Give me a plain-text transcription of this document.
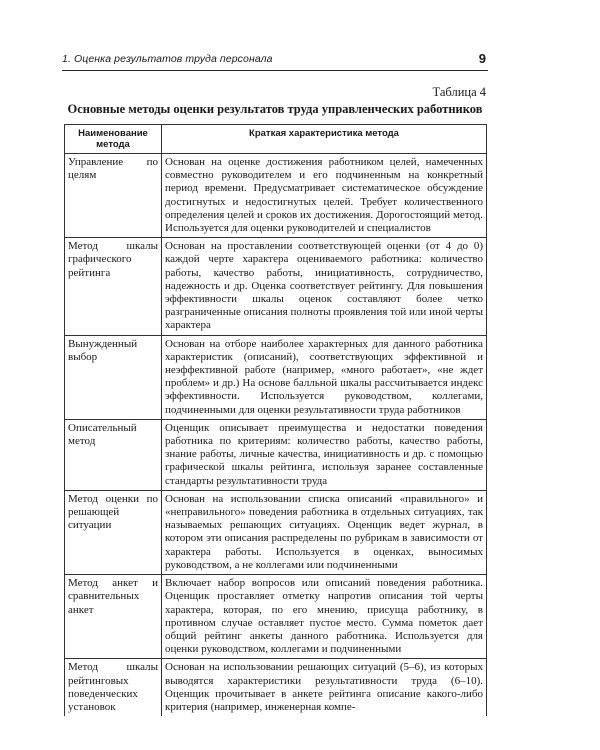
1. Оценка результатов труда персонала	9
Таблица 4
Основные методы оценки результатов труда управленческих работников
Наименование метода	Краткая характеристика метода
Управление по целям	Основан на оценке достижения работником целей, намеченных совместно руководителем и его подчиненным на конкретный период времени. Предусматривает систематическое обсуждение достигнутых и недостигнутых целей. Требует количественного определения целей и сроков их достижения. Дорогостоящий метод. Используется для оценки руководителей и специалистов
Метод шкалы графического рейтинга	Основан на проставлении соответствующей оценки (от 4 до 0) каждой черте характера оцениваемого работника: количество работы, качество работы, инициативность, сотрудничество, надежность и др. Оценка соответствует рейтингу. Для повышения эффективности шкалы оценок составляют более четко разграниченные описания полноты проявления той или иной черты характера
Вынужденный выбор	Основан на отборе наиболее характерных для данного работника характеристик (описаний), соответствующих эффективной и неэффективной работе (например, «много работает», «не ждет проблем» и др.) На основе балльной шкалы рассчитывается индекс эффективности. Используется руководством, коллегами, подчиненными для оценки результативности труда работников
Описательный метод	Оценщик описывает преимущества и недостатки поведения работника по критериям: количество работы, качество работы, знание работы, личные качества, инициативность и др. с помощью графической шкалы рейтинга, используя заранее составленные стандарты результативности труда
Метод оценки по решающей ситуации	Основан на использовании списка описаний «правильного» и «неправильного» поведения работника в отдельных ситуациях, так называемых решающих ситуациях. Оценщик ведет журнал, в котором эти описания распределены по рубрикам в зависимости от характера работы. Используется в оценках, выносимых руководством, а не коллегами или подчиненными
Метод анкет и сравнительных анкет	Включает набор вопросов или описаний поведения работника. Оценщик проставляет отметку напротив описания той черты характера, которая, по его мнению, присуща работнику, в противном случае оставляет пустое место. Сумма пометок дает общий рейтинг анкеты данного работника. Используется для оценки руководством, коллегами и подчиненными
Метод шкалы рейтинговых поведенческих установок	Основан на использовании решающих ситуаций (5–6), из которых выводятся характеристики результативности труда (6–10). Оценщик прочитывает в анкете рейтинга описание какого-либо критерия (например, инженерная компе-
